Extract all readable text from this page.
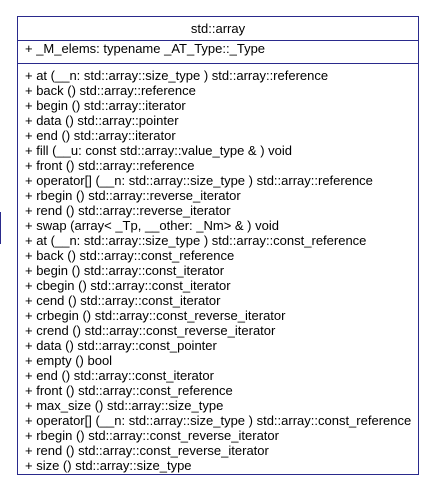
std::array
+ _M_elems: typename _AT_Type::_Type
+ at (__n: std::array::size_type ) std::array::reference
+ back () std::array::reference
+ begin () std::array::iterator
+ data () std::array::pointer
+ end () std::array::iterator
+ fill (__u: const std::array::value_type & ) void
+ front () std::array::reference
+ operator[] (__n: std::array::size_type ) std::array::reference
+ rbegin () std::array::reverse_iterator
+ rend () std::array::reverse_iterator
+ swap (array< _Tp, __other: _Nm> & ) void
+ at (__n: std::array::size_type ) std::array::const_reference
+ back () std::array::const_reference
+ begin () std::array::const_iterator
+ cbegin () std::array::const_iterator
+ cend () std::array::const_iterator
+ crbegin () std::array::const_reverse_iterator
+ crend () std::array::const_reverse_iterator
+ data () std::array::const_pointer
+ empty () bool
+ end () std::array::const_iterator
+ front () std::array::const_reference
+ max_size () std::array::size_type
+ operator[] (__n: std::array::size_type ) std::array::const_reference
+ rbegin () std::array::const_reverse_iterator
+ rend () std::array::const_reverse_iterator
+ size () std::array::size_type
